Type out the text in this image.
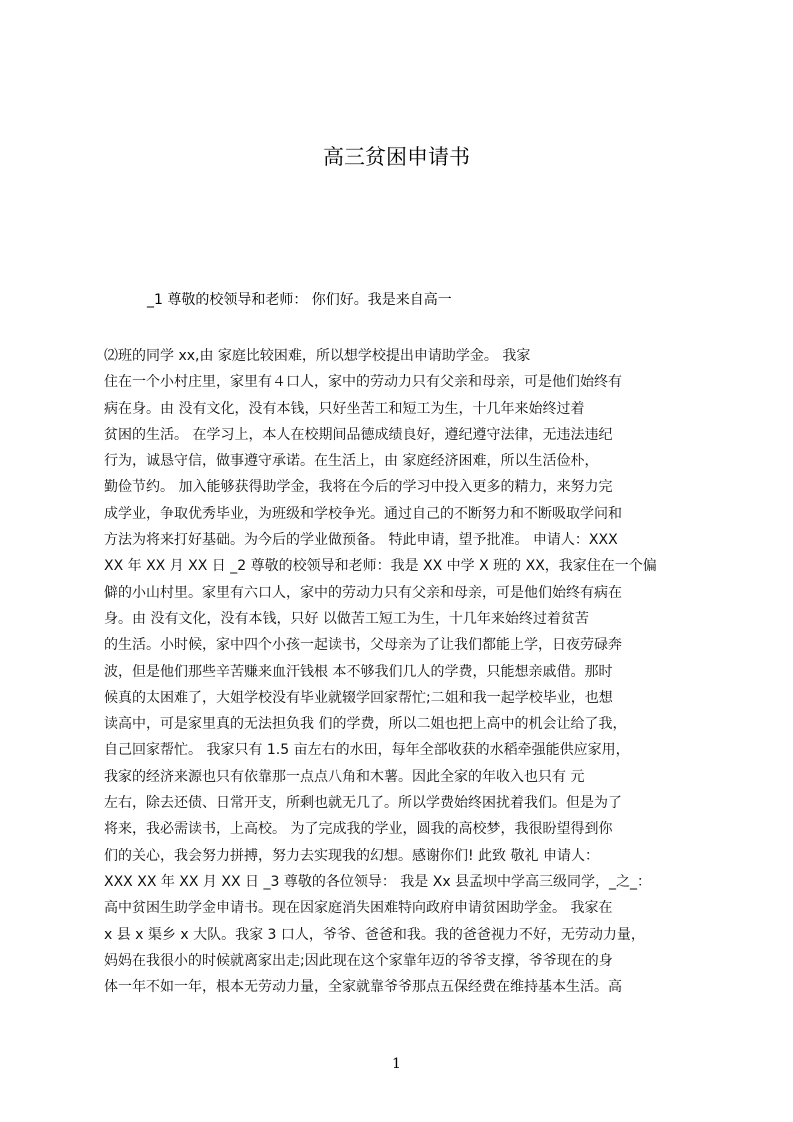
高三贫困申请书
_1 尊敬的校领导和老师： 你们好。我是来自高一
⑵班的同学 xx,由 家庭比较困难，所以想学校提出申请助学金。 我家
住在一个小村庄里，家里有４口人，家中的劳动力只有父亲和母亲，可是他们始终有
病在身。由 没有文化，没有本钱，只好坐苦工和短工为生，十几年来始终过着
贫困的生活。 在学习上，本人在校期间品德成绩良好，遵纪遵守法律，无违法违纪
行为，诚恳守信，做事遵守承诺。在生活上，由 家庭经济困难，所以生活俭朴，
勤俭节约。 加入能够获得助学金，我将在今后的学习中投入更多的精力，来努力完
成学业，争取优秀毕业，为班级和学校争光。通过自己的不断努力和不断吸取学问和
方法为将来打好基础。为今后的学业做预备。 特此申请，望予批准。 申请人：XXX
XX 年 XX 月 XX 日 _2 尊敬的校领导和老师：我是 XX 中学 X 班的 XX，我家住在一个偏
僻的小山村里。家里有六口人，家中的劳动力只有父亲和母亲，可是他们始终有病在
身。由 没有文化，没有本钱，只好 以做苦工短工为生，十几年来始终过着贫苦
的生活。小时候，家中四个小孩一起读书，父母亲为了让我们都能上学，日夜劳碌奔
波，但是他们那些辛苦赚来血汗钱根 本不够我们几人的学费，只能想亲戚借。那时
候真的太困难了，大姐学校没有毕业就辍学回家帮忙;二姐和我一起学校毕业，也想
读高中，可是家里真的无法担负我 们的学费，所以二姐也把上高中的机会让给了我，
自己回家帮忙。 我家只有 1.5 亩左右的水田，每年全部收获的水稻牵强能供应家用，
我家的经济来源也只有依靠那一点点八角和木薯。因此全家的年收入也只有 元
左右，除去还债、日常开支，所剩也就无几了。所以学费始终困扰着我们。但是为了
将来，我必需读书，上高校。 为了完成我的学业，圆我的高校梦，我很盼望得到你
们的关心，我会努力拼搏，努力去实现我的幻想。感谢你们! 此致 敬礼 申请人：
XXX XX 年 XX 月 XX 日 _3 尊敬的各位领导： 我是 Xx 县孟坝中学高三级同学，_之_：
高中贫困生助学金申请书。现在因家庭消失困难特向政府申请贫困助学金。 我家在
x 县 x 渠乡 x 大队。我家 3 口人，爷爷、爸爸和我。我的爸爸视力不好，无劳动力量，
妈妈在我很小的时候就离家出走;因此现在这个家靠年迈的爷爷支撑，爷爷现在的身
体一年不如一年，根本无劳动力量，全家就靠爷爷那点五保经费在维持基本生活。高
1
